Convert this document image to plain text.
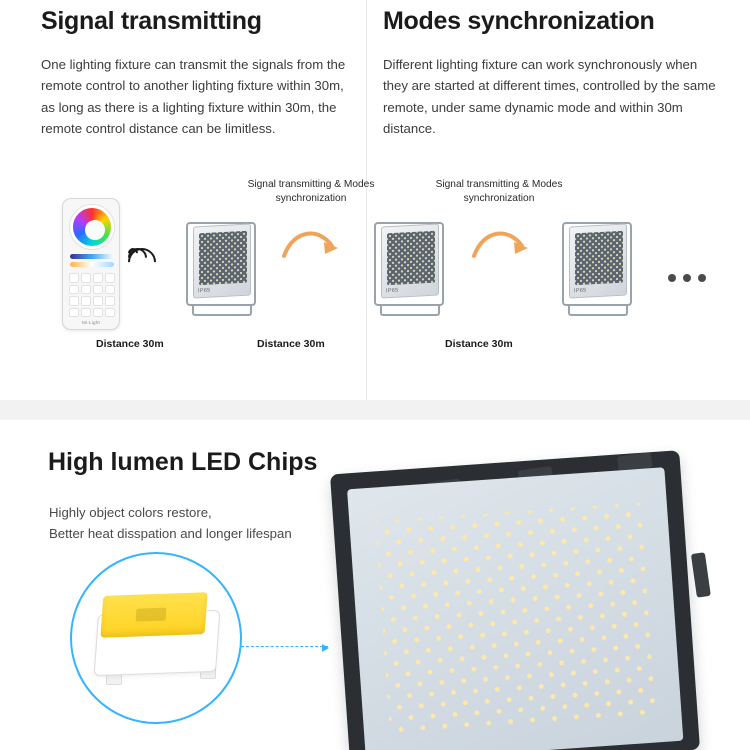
Signal transmitting
One lighting fixture can transmit the signals from the remote control to another lighting fixture within 30m, as long as there is a lighting fixture within 30m, the remote control distance can be limitless.
Modes synchronization
Different lighting fixture can work synchronously when they are started at different times, controlled by the same remote, under same dynamic mode and within 30m distance.
Mi-Light
IP65
Signal transmitting & Modes synchronization
IP65
Signal transmitting & Modes synchronization
IP65
Distance 30m	Distance 30m	Distance 30m
High lumen LED Chips
Highly object colors restore,
Better heat disspation and longer lifespan
